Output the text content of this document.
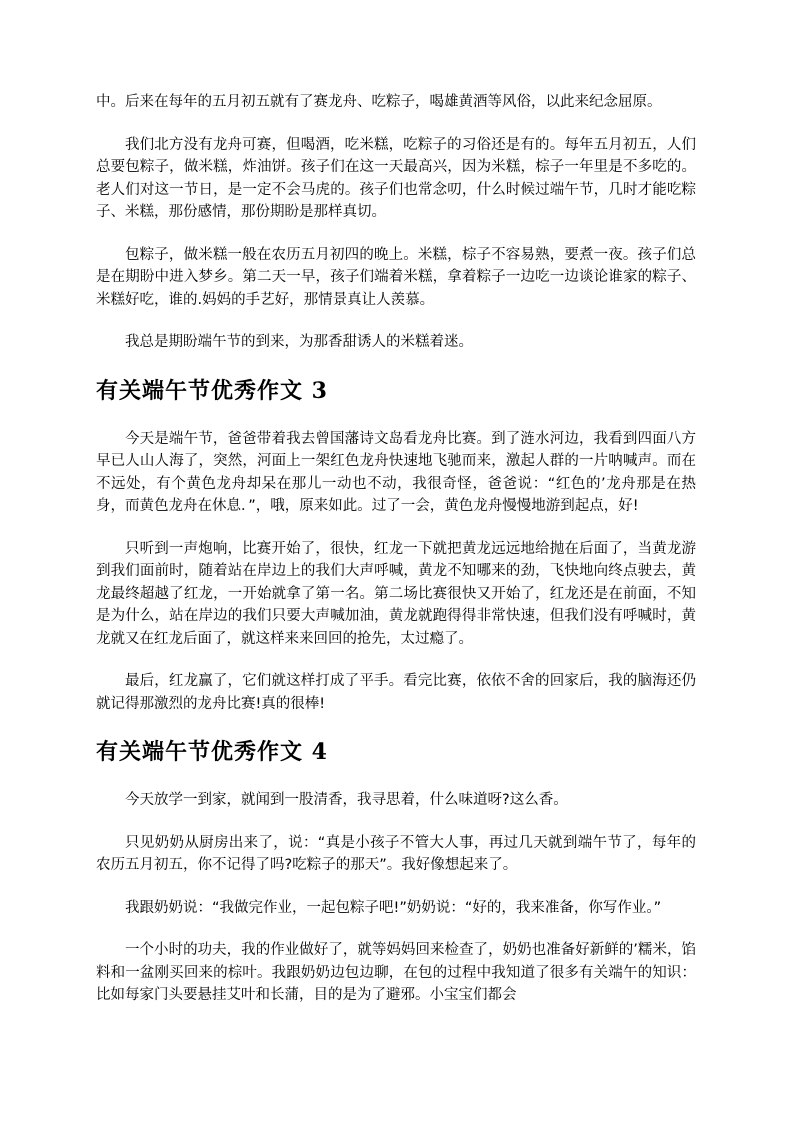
中。后来在每年的五月初五就有了赛龙舟、吃粽子，喝雄黄酒等风俗，以此来纪念屈原。

我们北方没有龙舟可赛，但喝酒，吃米糕，吃粽子的习俗还是有的。每年五月初五，人们总要包粽子，做米糕，炸油饼。孩子们在这一天最高兴，因为米糕，棕子一年里是不多吃的。老人们对这一节日，是一定不会马虎的。孩子们也常念叨，什么时候过端午节，几时才能吃粽子、米糕，那份感情，那份期盼是那样真切。

包粽子，做米糕一般在农历五月初四的晚上。米糕，棕子不容易熟，要煮一夜。孩子们总是在期盼中进入梦乡。第二天一早，孩子们端着米糕，拿着粽子一边吃一边谈论谁家的粽子、米糕好吃，谁的.妈妈的手艺好，那情景真让人羡慕。

我总是期盼端午节的到来，为那香甜诱人的米糕着迷。

有关端午节优秀作文 3

今天是端午节，爸爸带着我去曾国藩诗文岛看龙舟比赛。到了涟水河边，我看到四面八方早已人山人海了，突然，河面上一架红色龙舟快速地飞驰而来，激起人群的一片呐喊声。而在不远处，有个黄色龙舟却呆在那儿一动也不动，我很奇怪，爸爸说：“红色的’龙舟那是在热身，而黄色龙舟在休息．”，哦，原来如此。过了一会，黄色龙舟慢慢地游到起点，好!

只听到一声炮响，比赛开始了，很快，红龙一下就把黄龙远远地给抛在后面了，当黄龙游到我们面前时，随着站在岸边上的我们大声呼喊，黄龙不知哪来的劲，飞快地向终点驶去，黄龙最终超越了红龙，一开始就拿了第一名。第二场比赛很快又开始了，红龙还是在前面，不知是为什么，站在岸边的我们只要大声喊加油，黄龙就跑得得非常快速，但我们没有呼喊时，黄龙就又在红龙后面了，就这样来来回回的抢先，太过瘾了。

最后，红龙赢了，它们就这样打成了平手。看完比赛，依依不舍的回家后，我的脑海还仍就记得那激烈的龙舟比赛!真的很棒!

有关端午节优秀作文 4

今天放学一到家，就闻到一股清香，我寻思着，什么味道呀?这么香。

只见奶奶从厨房出来了，说：“真是小孩子不管大人事，再过几天就到端午节了，每年的农历五月初五，你不记得了吗?吃粽子的那天”。我好像想起来了。

我跟奶奶说：“我做完作业，一起包粽子吧!”奶奶说：“好的，我来准备，你写作业。”

一个小时的功夫，我的作业做好了，就等妈妈回来检查了，奶奶也准备好新鲜的’糯米，馅料和一盆刚买回来的棕叶。我跟奶奶边包边聊，在包的过程中我知道了很多有关端午的知识：比如每家门头要悬挂艾叶和长蒲，目的是为了避邪。小宝宝们都会
